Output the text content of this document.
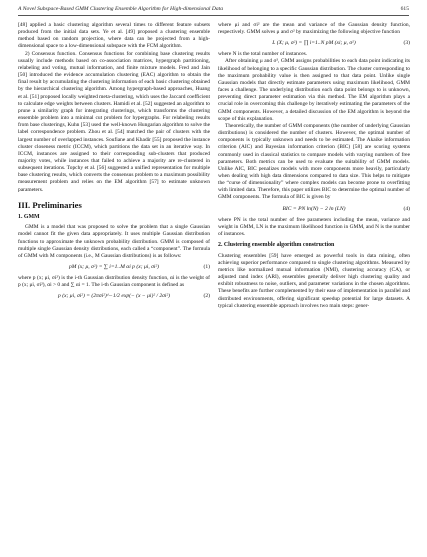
A Novel Subspace-Based GMM Clustering Ensemble Algorithm for High-dimensional Data	615

[48] applied a basic clustering algorithm several times to different feature subsets produced from the initial data sets. Ye et al. [49] proposed a clustering ensemble method based on random projection, where data can be projected from a high-dimensional space to a low-dimensional subspace with the FCM algorithm.

2) Consensus function. Consensus functions for combining base clustering results usually include methods based on co-association matrices, hypergraph partitioning, relabeling and voting, mutual information, and finite mixture models. Fred and Jain [50] introduced the evidence accumulation clustering (EAC) algorithm to obtain the final result by accumulating the clustering information of each basic clustering obtained by the hierarchical clustering algorithm. Among hypergraph-based approaches, Huang et al. [51] proposed locally weighted meta-clustering, which uses the Jaccard coefficient to calculate edge weights between clusters. Hamidi et al. [52] suggested an algorithm to prune a similarity graph for integrating clusterings, which transforms the clustering ensemble problem into a minimal cut problem for hypergraphs. For relabeling results from base clusterings, Kuhn [53] used the well-known Hungarian algorithm to solve the label correspondence problem. Zhou et al. [54] matched the pair of clusters with the largest number of overlapped instances. Soufiane and Khadir [55] proposed the instance cluster closeness metric (ICCM), which partitions the data set in an iterative way. In ICCM, instances are assigned to their corresponding sub-clusters that produced majority votes, while instances that failed to achieve a majority are re-clustered in subsequent iterations. Topchy et al. [56] suggested a unified representation for multiple base clustering results, which converts the consensus problem to a maximum possibility measurement problem and relies on the EM algorithm [57] to estimate unknown parameters.

III. Preliminaries
1. GMM

GMM is a model that was proposed to solve the problem that a single Gaussian model cannot fit the given data appropriately. It uses multiple Gaussian distribution functions to approximate the unknown probability distribution. GMM is composed of multiple single Gaussian density distributions, each called a “component”. The formula of GMM with M components (i.e., M Gaussian distributions) is as follows:

pM (x; μ, σ²) = ∑ i=1..M αi p (x; μi, σi²)	(1)

where p (x; μi, σi²) is the i-th Gaussian distribution density function, αi is the weight of p (x; μi, σi²), αi > 0 and ∑ αi = 1. The i-th Gaussian component is defined as

p (x; μi, σi²) = (2πσi²)^−1/2 exp(− (x − μi)² / 2σi²)	(2)

where μi and σi² are the mean and variance of the Gaussian density function, respectively. GMM solves μ and σ² by maximizing the following objective function

L (X; μ, σ²) = ∏ i=1..N pM (xi; μ, σ²)	(3)

where N is the total number of instances.

After obtaining μ and σ², GMM assigns probabilities to each data point indicating its likelihood of belonging to a specific Gaussian distribution. The cluster corresponding to the maximum probability value is then assigned to that data point. Unlike single Gaussian models that directly estimate parameters using maximum likelihood, GMM faces a challenge. The underlying distribution each data point belongs to is unknown, preventing direct parameter estimation via this method. The EM algorithm plays a crucial role in overcoming this challenge by iteratively estimating the parameters of the GMM components. However, a detailed discussion of the EM algorithm is beyond the scope of this explanation.

Theoretically, the number of GMM components (the number of underlying Gaussian distributions) is considered the number of clusters. However, the optimal number of components is typically unknown and needs to be estimated. The Akaike information criterion (AIC) and Bayesian information criterion (BIC) [58] are scoring systems commonly used in classical statistics to compare models with varying numbers of free parameters. Both metrics can be used to evaluate the suitability of GMM models. Unlike AIC, BIC penalizes models with more components more heavily, particularly when dealing with high data dimensions compared to data size. This helps to mitigate the “curse of dimensionality” where complex models can become prone to overfitting with limited data. Therefore, this paper utilizes BIC to determine the optimal number of GMM components. The formula of BIC is given by

BIC = PN ln(N) − 2 ln (LN)	(4)

where PN is the total number of free parameters including the mean, variance and weight in GMM, LN is the maximum likelihood function in GMM, and N is the number of instances.

2. Clustering ensemble algorithm construction

Clustering ensembles [59] have emerged as powerful tools in data mining, often achieving superior performance compared to single clustering algorithms. Measured by metrics like normalized mutual information (NMI), clustering accuracy (CA), or adjusted rand index (ARI), ensembles generally deliver high clustering quality and exhibit robustness to noise, outliers, and parameter variations in the chosen algorithms. These benefits are further complemented by their ease of implementation in parallel and distributed environments, offering significant speedup potential for large datasets. A typical clustering ensemble approach involves two main steps: gener-
